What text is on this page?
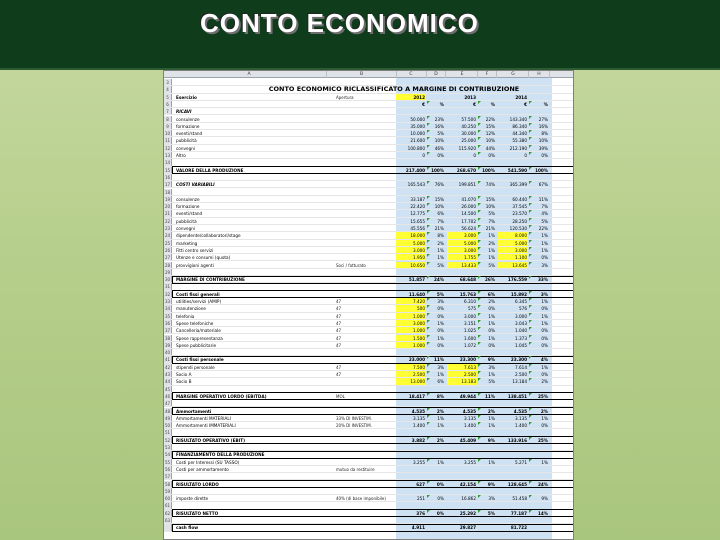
CONTO ECONOMICO
A	B	C	D	E	F	G	H
3
4
5	Esercizio	Apertura	2012	2013	2014
6	€	%	€	%	€	%
7	RICAVI
8	consulenze	50.000	23%	57.500	22%	143.340	27%
9	formazione	35.000	16%	40.250	15%	86.340	16%
10	eventi/stand	10.000	5%	30.000	12%	44.340	8%
11	pubblicità	21.600	10%	25.000	10%	55.380	10%
12	convegni	100.800	46%	115.920	44%	212.190	39%
13	Altro	0	0%	0	0%	0	0%
14
15	VALORE DELLA PRODUZIONE	217.400	100%	268.670	100%	541.590	100%
16
17	COSTI VARIABILI	165.543	76%	199.851	74%	365.399	67%
18
19	consulenze	33.187	15%	41.070	15%	60.440	11%
20	formazione	22.420	10%	26.000	10%	37.545	7%
21	eventi/stand	12.775	6%	14.500	5%	23.570	4%
22	pubblicità	15.655	7%	17.702	7%	28.250	5%
23	convegni	45.556	21%	56.624	21%	120.530	22%
24	dipendente/collaboratori/stage	18.000	8%	3.000	1%	8.000	1%
25	marketing	5.000	2%	5.000	2%	5.000	1%
26	Fitti centro servizi	3.000	1%	3.000	1%	3.000	1%
27	Utenze e consumi (quota)	1.950	1%	1.755	1%	1.100	0%
28	provvigioni agenti	Soci / fatturato	10.650	5%	13.433	5%	13.645	3%
29
30	MARGINE DI CONTRIBUZIONE	51.857	24%	68.648	26%	176.559	33%
31
32	Costi fissi generali	11.640	5%	15.763	6%	15.892	3%
33	utilities/servizi (AMIP)	47	7.420	3%	6.310	2%	6.345	1%
34	manutenzione	47	500	0%	575	0%	576	0%
35	telefonia	47	1.000	0%	3.000	1%	3.000	1%
36	Spese telefoniche	47	3.000	1%	3.151	1%	3.043	1%
37	Cancelleria/materiale	47	1.000	0%	1.025	0%	1.040	0%
38	Spese rappresentanza	47	1.500	1%	1.600	1%	1.373	0%
39	Spese pubblicitarie	47	1.000	0%	1.072	0%	1.045	0%
40
41	Costi fissi personale	23.000	11%	23.300	9%	23.300	4%
42	stipendi personale	47	7.500	3%	7.613	3%	7.614	1%
43	Socio A	47	2.500	1%	2.500	1%	2.500	0%
44	Socio B	13.000	6%	13.183	5%	13.184	2%
45
46	MARGINE OPERATIVO LORDO (EBITDA)	MOL	18.417	8%	49.944	11%	138.451	25%
47
48	Ammortamenti	4.535	2%	4.535	2%	4.535	2%
49	Ammortamenti MATERIALI	33% DI INVESTIM.	3.135	1%	3.135	1%	3.135	1%
50	Ammortamenti IMMATERIALI	20% DI INVESTIM.	1.400	1%	1.400	1%	1.400	0%
51
52	RISULTATO OPERATIVO (EBIT)	3.882	2%	45.409	9%	133.916	25%
53
54	FINANZIAMENTO DELLA PRODUZIONE
55	Costi per Interessi (SU TASSO)	3.255	1%	3.255	1%	5.271	1%
56	Costi per ammortamento	mutuo da restituire
57
58	RISULTATO LORDO	627	0%	42.154	9%	128.645	24%
59
60	imposte dirette	40% (di base imponibile)	251	0%	16.862	3%	51.458	9%
61
62	RISULTATO NETTO	376	0%	25.292	5%	77.187	14%
63
cash flow	4.911	29.827	81.722
CONTO ECONOMICO RICLASSIFICATO A MARGINE DI CONTRIBUZIONE
